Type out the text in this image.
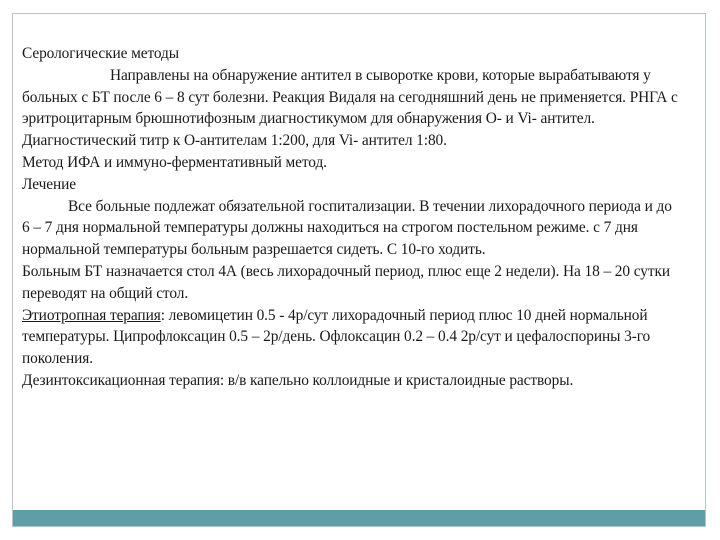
Серологические методы

Направлены на обнаружение антител в сыворотке крови, которые вырабатываютя у больных с БТ после 6 – 8 сут болезни. Реакция Видаля на сегодняшний день не применяется. РНГА с эритроцитарным брюшнотифозным диагностикумом для обнаружения О- и Vi- антител. Диагностический титр к О-антителам 1:200, для Vi- антител 1:80.

Метод ИФА и иммуно-ферментативный метод.

Лечение

Все больные подлежат обязательной госпитализации. В течении лихорадочного периода и до 6 – 7 дня нормальной температуры должны находиться на строгом постельном режиме. с 7 дня нормальной температуры больным разрешается сидеть. С 10-го ходить.

Больным БТ назначается стол 4А (весь лихорадочный период, плюс еще 2 недели). На 18 – 20 сутки переводят на общий стол.

Этиотропная терапия: левомицетин 0.5 - 4р/сут лихорадочный период плюс 10 дней нормальной температуры. Ципрофлоксацин 0.5 – 2р/день. Офлоксацин 0.2 – 0.4 2р/сут и цефалоспорины 3-го поколения.

Дезинтоксикационная терапия: в/в капельно коллоидные и кристалоидные растворы.
